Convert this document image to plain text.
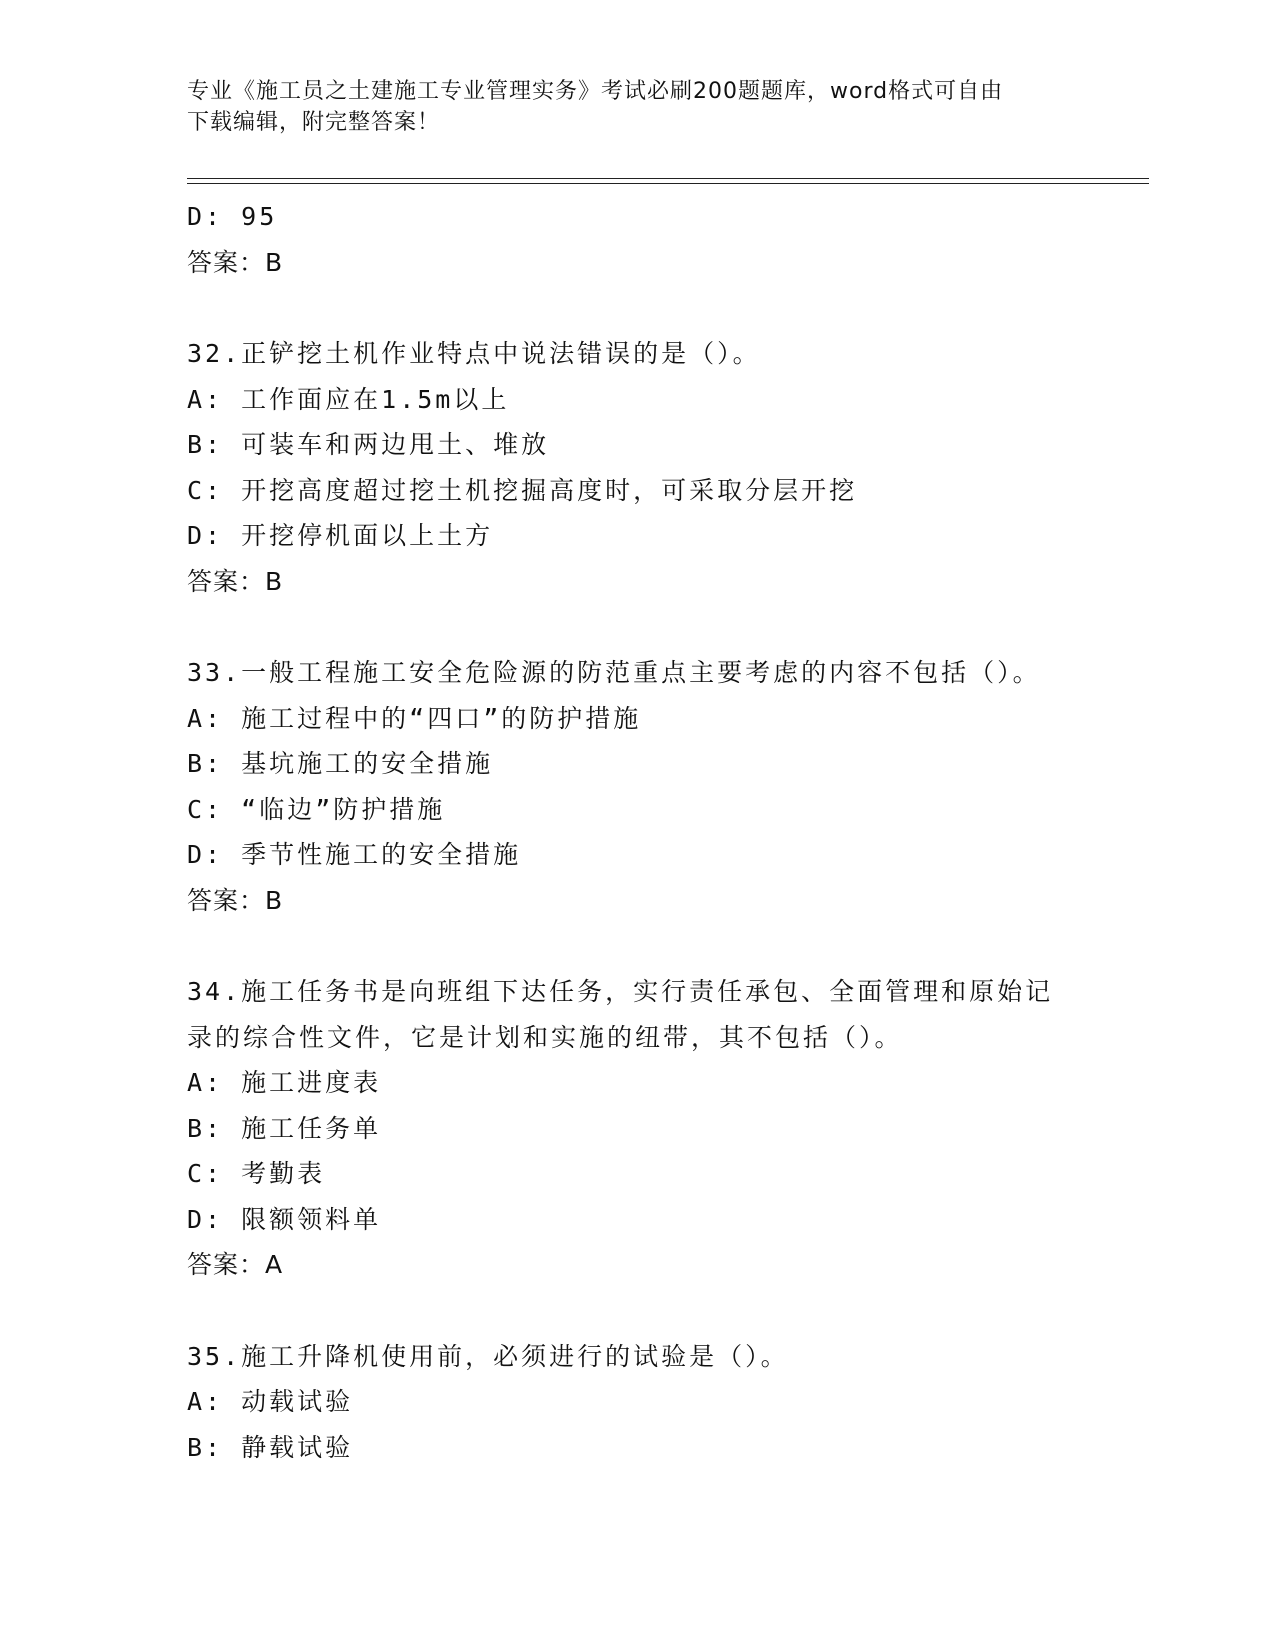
专业《施工员之土建施工专业管理实务》考试必刷200题题库，word格式可自由
下载编辑，附完整答案！
D: 95
答案：B
32.正铲挖土机作业特点中说法错误的是（）。
A: 工作面应在1.5m以上
B: 可装车和两边甩土、堆放
C: 开挖高度超过挖土机挖掘高度时，可采取分层开挖
D: 开挖停机面以上土方
答案：B
33.一般工程施工安全危险源的防范重点主要考虑的内容不包括（）。
A: 施工过程中的“四口”的防护措施
B: 基坑施工的安全措施
C: “临边”防护措施
D: 季节性施工的安全措施
答案：B
34.施工任务书是向班组下达任务，实行责任承包、全面管理和原始记
录的综合性文件，它是计划和实施的纽带，其不包括（）。
A: 施工进度表
B: 施工任务单
C: 考勤表
D: 限额领料单
答案：A
35.施工升降机使用前，必须进行的试验是（）。
A: 动载试验
B: 静载试验
